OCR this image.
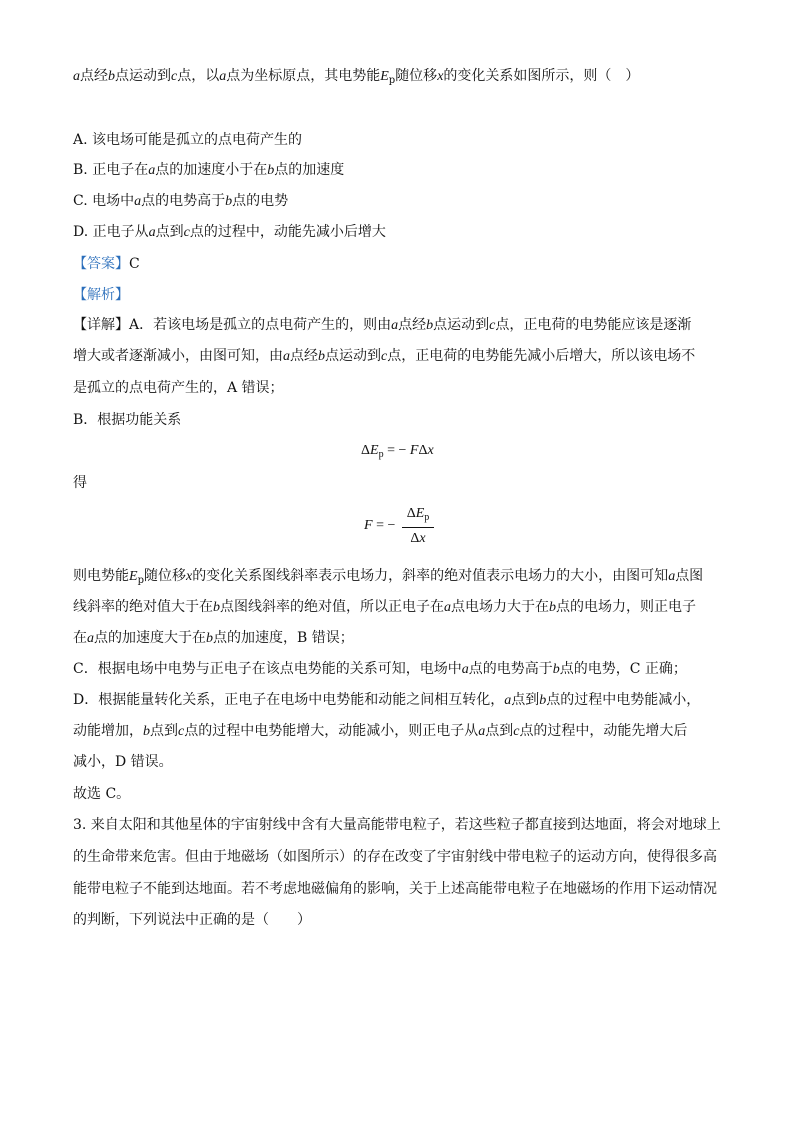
a点经b点运动到c点，以a点为坐标原点，其电势能$E_p$随位移x的变化关系如图所示，则（　）
A. 该电场可能是孤立的点电荷产生的
B. 正电子在a点的加速度小于在b点的加速度
C. 电场中a点的电势高于b点的电势
D. 正电子从a点到c点的过程中，动能先减小后增大
【答案】C
【解析】
【详解】A．若该电场是孤立的点电荷产生的，则由a点经b点运动到c点，正电荷的电势能应该是逐渐
增大或者逐渐减小，由图可知，由a点经b点运动到c点，正电荷的电势能先减小后增大，所以该电场不
是孤立的点电荷产生的，A 错误；
B．根据功能关系
$\Delta E_p$ = − FΔx
得
F = −
$\Delta E_p$
Δx
则电势能$E_p$随位移x的变化关系图线斜率表示电场力，斜率的绝对值表示电场力的大小，由图可知a点图
线斜率的绝对值大于在b点图线斜率的绝对值，所以正电子在a点电场力大于在b点的电场力，则正电子
在a点的加速度大于在b点的加速度，B 错误；
C．根据电场中电势与正电子在该点电势能的关系可知，电场中a点的电势高于b点的电势，C 正确；
D．根据能量转化关系，正电子在电场中电势能和动能之间相互转化，a点到b点的过程中电势能减小，
动能增加，b点到c点的过程中电势能增大，动能减小，则正电子从a点到c点的过程中，动能先增大后
减小，D 错误。
故选 C。
3. 来自太阳和其他星体的宇宙射线中含有大量高能带电粒子，若这些粒子都直接到达地面，将会对地球上
的生命带来危害。但由于地磁场（如图所示）的存在改变了宇宙射线中带电粒子的运动方向，使得很多高
能带电粒子不能到达地面。若不考虑地磁偏角的影响，关于上述高能带电粒子在地磁场的作用下运动情况
的判断，下列说法中正确的是（　　）
